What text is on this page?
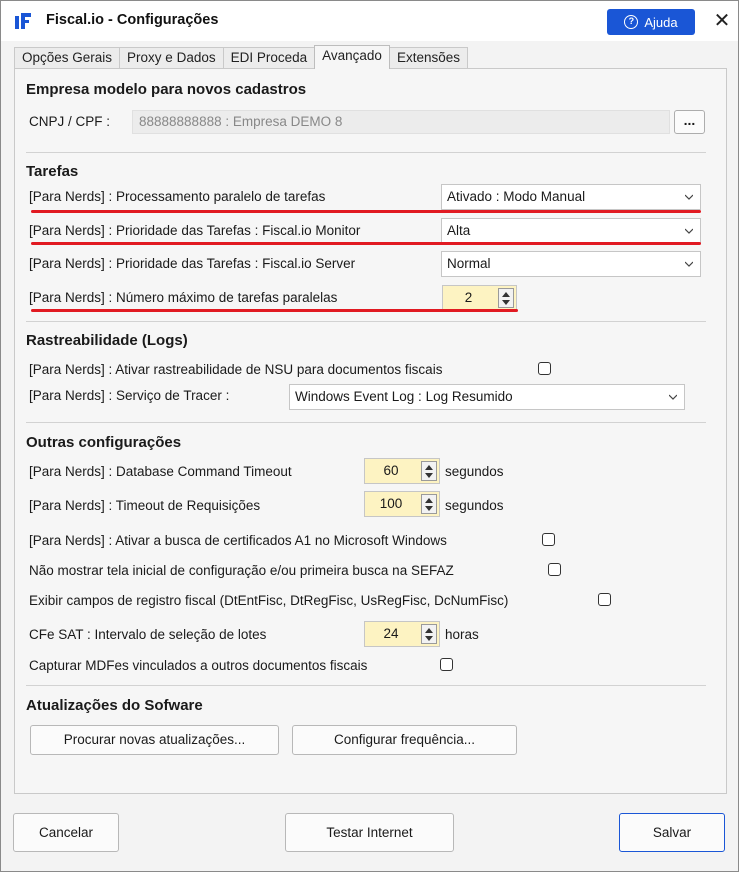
Fiscal.io - Configurações	? Ajuda ✕
Opções Gerais	Proxy e Dados	EDI Proceda	Avançado	Extensões
Empresa modelo para novos cadastros
CNPJ / CPF :	88888888888 : Empresa DEMO 8	...
Tarefas
[Para Nerds] : Processamento paralelo de tarefas	Ativado : Modo Manual
[Para Nerds] : Prioridade das Tarefas : Fiscal.io Monitor	Alta
[Para Nerds] : Prioridade das Tarefas : Fiscal.io Server	Normal
[Para Nerds] : Número máximo de tarefas paralelas	2
Rastreabilidade (Logs)
[Para Nerds] : Ativar rastreabilidade de NSU para documentos fiscais
[Para Nerds] : Serviço de Tracer :	Windows Event Log : Log Resumido
Outras configurações
[Para Nerds] : Database Command Timeout	60	segundos
[Para Nerds] : Timeout de Requisições	100	segundos
[Para Nerds] : Ativar a busca de certificados A1 no Microsoft Windows
Não mostrar tela inicial de configuração e/ou primeira busca na SEFAZ
Exibir campos de registro fiscal (DtEntFisc, DtRegFisc, UsRegFisc, DcNumFisc)
CFe SAT : Intervalo de seleção de lotes	24	horas
Capturar MDFes vinculados a outros documentos fiscais
Atualizações do Sofware
Procurar novas atualizações...	Configurar frequência...
Cancelar	Testar Internet	Salvar
